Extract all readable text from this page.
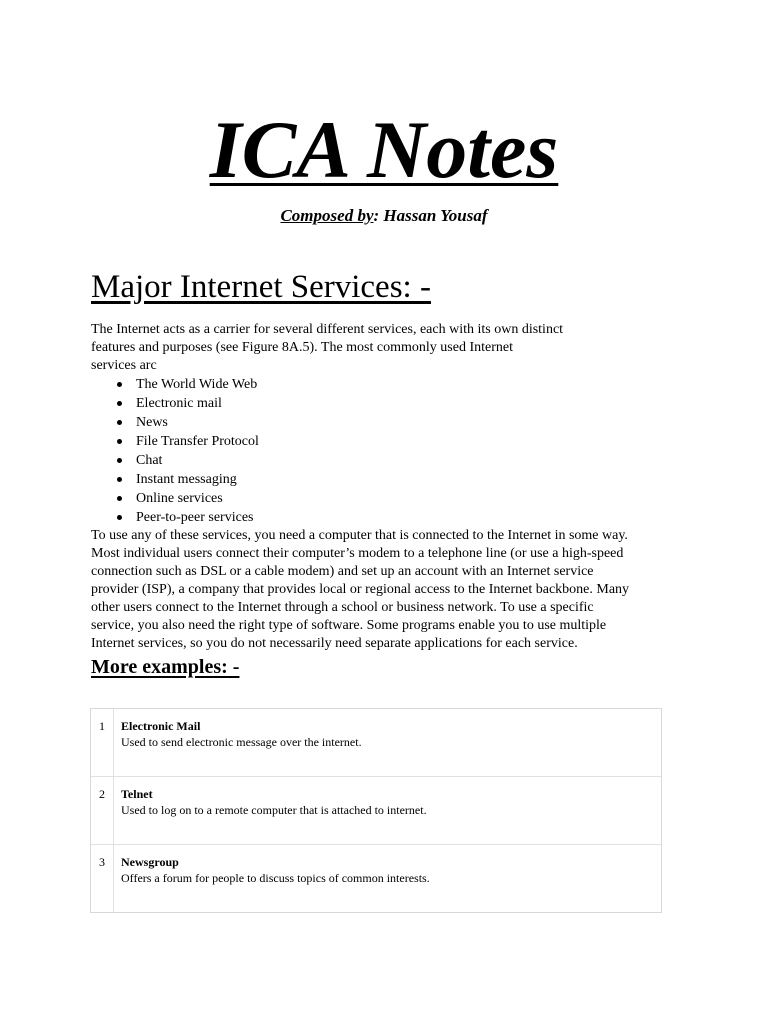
ICA Notes
Composed by: Hassan Yousaf
Major Internet Services: -
The Internet acts as a carrier for several different services, each with its own distinct
features and purposes (see Figure 8A.5). The most commonly used Internet
services arc
The World Wide Web
Electronic mail
News
File Transfer Protocol
Chat
Instant messaging
Online services
Peer-to-peer services
To use any of these services, you need a computer that is connected to the Internet in some way.
Most individual users connect their computer’s modem to a telephone line (or use a high-speed
connection such as DSL or a cable modem) and set up an account with an Internet service
provider (ISP), a company that provides local or regional access to the Internet backbone. Many
other users connect to the Internet through a school or business network. To use a specific
service, you also need the right type of software. Some programs enable you to use multiple
Internet services, so you do not necessarily need separate applications for each service.
More examples: -
1	Electronic Mail
Used to send electronic message over the internet.
2	Telnet
Used to log on to a remote computer that is attached to internet.
3	Newsgroup
Offers a forum for people to discuss topics of common interests.
